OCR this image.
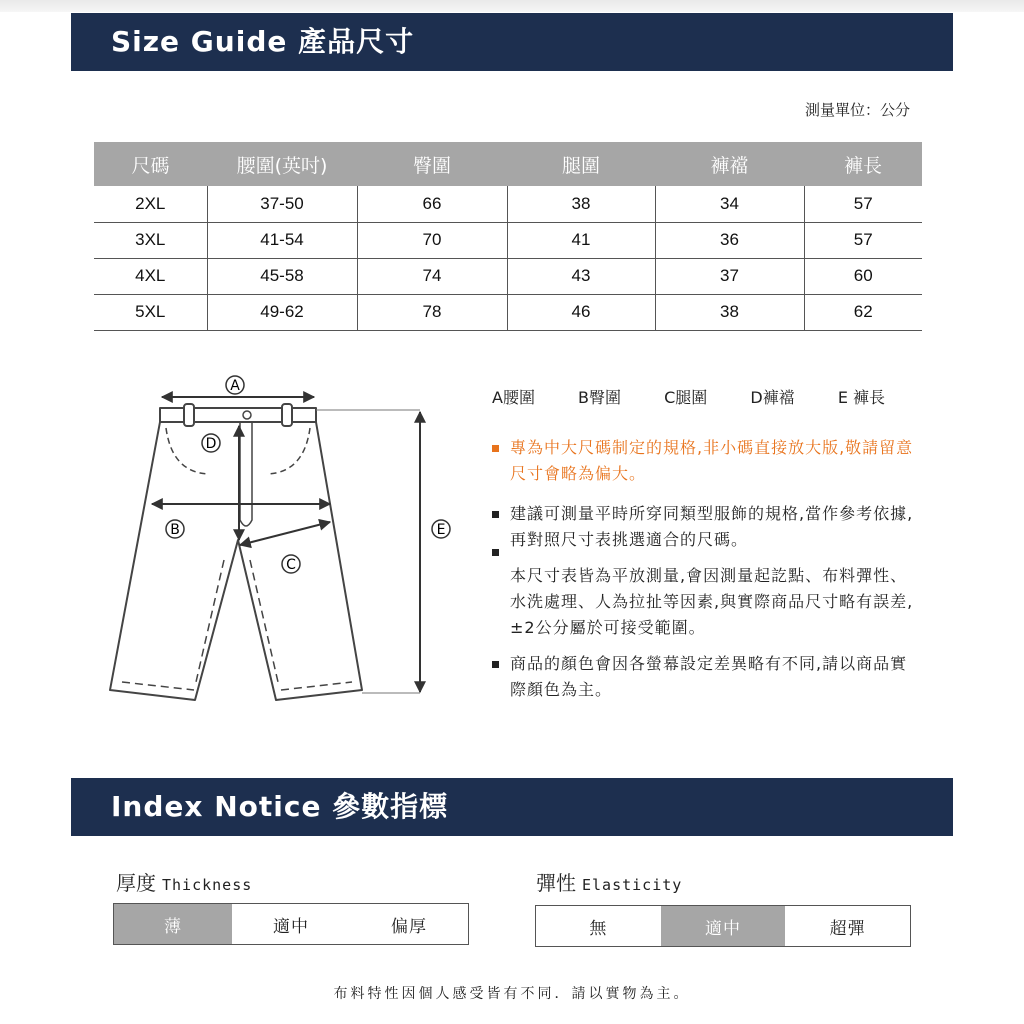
Size Guide 產品尺寸
測量單位：公分
尺碼	腰圍(英吋)	臀圍	腿圍	褲襠	褲長
2XL	37-50	66	38	34	57
3XL	41-54	70	41	36	57
4XL	45-58	74	43	37	60
5XL	49-62	78	46	38	62
A
D
B
C
E
A腰圍	B臀圍	C腿圍	D褲襠	E 褲長
專為中大尺碼制定的規格,非小碼直接放大版,敬請留意尺寸會略為偏大。
建議可測量平時所穿同類型服飾的規格,當作參考依據,再對照尺寸表挑選適合的尺碼。
本尺寸表皆為平放測量,會因測量起訖點、布料彈性、水洗處理、人為拉扯等因素,與實際商品尺寸略有誤差,±2公分屬於可接受範圍。
商品的顏色會因各螢幕設定差異略有不同,請以商品實際顏色為主。
Index Notice 參數指標
厚度 Thickness
薄	適中	偏厚
彈性 Elasticity
無	適中	超彈
布料特性因個人感受皆有不同．請以實物為主。
